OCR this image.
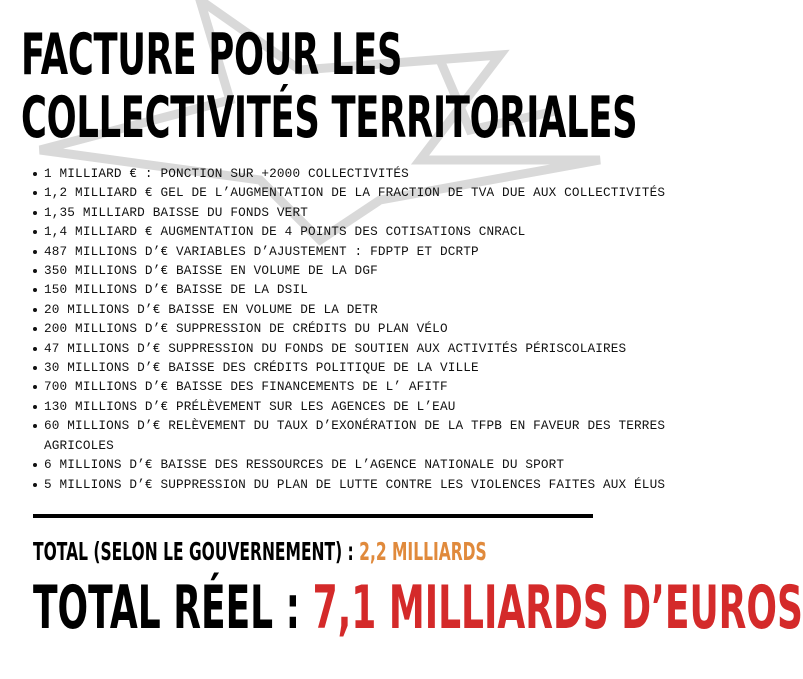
FACTURE POUR LES COLLECTIVITÉS TERRITORIALES
1 MILLIARD € : PONCTION SUR +2000 COLLECTIVITÉS
1,2 MILLIARD € GEL DE L’AUGMENTATION DE LA FRACTION DE TVA DUE AUX COLLECTIVITÉS
1,35 MILLIARD BAISSE DU FONDS VERT
1,4 MILLIARD € AUGMENTATION DE 4 POINTS DES COTISATIONS CNRACL
487 MILLIONS D’€ VARIABLES D’AJUSTEMENT : FDPTP ET DCRTP
350 MILLIONS D’€ BAISSE EN VOLUME DE LA DGF
150 MILLIONS D’€ BAISSE DE LA DSIL
20 MILLIONS D’€ BAISSE EN VOLUME DE LA DETR
200 MILLIONS D’€ SUPPRESSION DE CRÉDITS DU PLAN VÉLO
47 MILLIONS D’€ SUPPRESSION DU FONDS DE SOUTIEN AUX ACTIVITÉS PÉRISCOLAIRES
30 MILLIONS D’€ BAISSE DES CRÉDITS POLITIQUE DE LA VILLE
700 MILLIONS D’€ BAISSE DES FINANCEMENTS DE L’ AFITF
130 MILLIONS D’€ PRÉLÈVEMENT SUR LES AGENCES DE L’EAU
60 MILLIONS D’€ RELÈVEMENT DU TAUX D’EXONÉRATION DE LA TFPB EN FAVEUR DES TERRES AGRICOLES
6 MILLIONS D’€ BAISSE DES RESSOURCES DE L’AGENCE NATIONALE DU SPORT
5 MILLIONS D’€ SUPPRESSION DU PLAN DE LUTTE CONTRE LES VIOLENCES FAITES AUX ÉLUS
TOTAL (SELON LE GOUVERNEMENT) : 2,2 MILLIARDS
TOTAL RÉEL : 7,1 MILLIARDS D’EUROS
